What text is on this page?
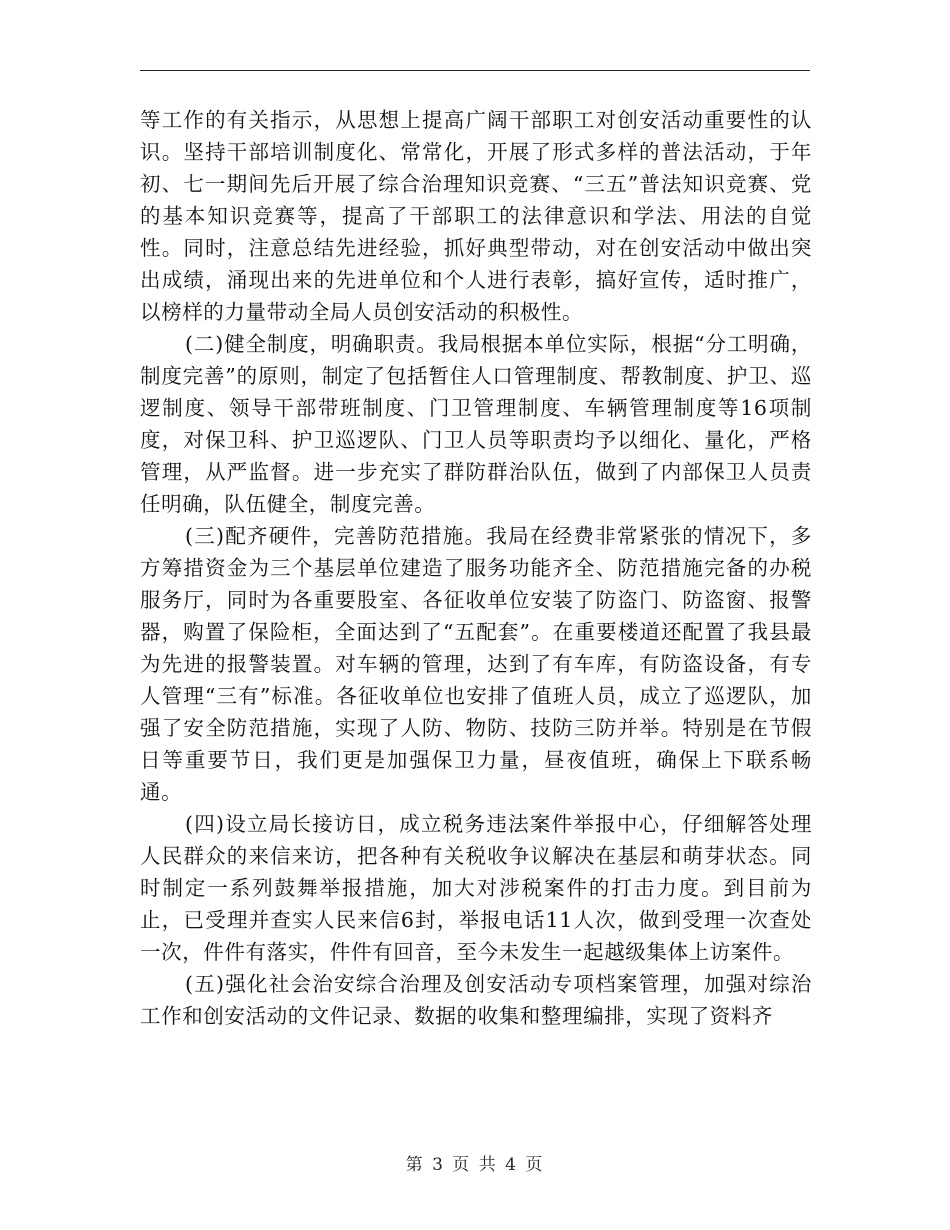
等工作的有关指示，从思想上提高广阔干部职工对创安活动重要性的认识。坚持干部培训制度化、常常化，开展了形式多样的普法活动，于年初、七一期间先后开展了综合治理知识竞赛、“三五”普法知识竞赛、党的基本知识竞赛等，提高了干部职工的法律意识和学法、用法的自觉性。同时，注意总结先进经验，抓好典型带动，对在创安活动中做出突出成绩，涌现出来的先进单位和个人进行表彰，搞好宣传，适时推广，以榜样的力量带动全局人员创安活动的积极性。

(二)健全制度，明确职责。我局根据本单位实际，根据“分工明确，制度完善”的原则，制定了包括暂住人口管理制度、帮教制度、护卫、巡逻制度、领导干部带班制度、门卫管理制度、车辆管理制度等16项制度，对保卫科、护卫巡逻队、门卫人员等职责均予以细化、量化，严格管理，从严监督。进一步充实了群防群治队伍，做到了内部保卫人员责任明确，队伍健全，制度完善。

(三)配齐硬件，完善防范措施。我局在经费非常紧张的情况下，多方筹措资金为三个基层单位建造了服务功能齐全、防范措施完备的办税服务厅，同时为各重要股室、各征收单位安装了防盗门、防盗窗、报警器，购置了保险柜，全面达到了“五配套”。在重要楼道还配置了我县最为先进的报警装置。对车辆的管理，达到了有车库，有防盗设备，有专人管理“三有”标准。各征收单位也安排了值班人员，成立了巡逻队，加强了安全防范措施，实现了人防、物防、技防三防并举。特别是在节假日等重要节日，我们更是加强保卫力量，昼夜值班，确保上下联系畅通。

(四)设立局长接访日，成立税务违法案件举报中心，仔细解答处理人民群众的来信来访，把各种有关税收争议解决在基层和萌芽状态。同时制定一系列鼓舞举报措施，加大对涉税案件的打击力度。到目前为止，已受理并查实人民来信6封，举报电话11人次，做到受理一次查处一次，件件有落实，件件有回音，至今未发生一起越级集体上访案件。

(五)强化社会治安综合治理及创安活动专项档案管理，加强对综治工作和创安活动的文件记录、数据的收集和整理编排，实现了资料齐

第 3 页 共 4 页
